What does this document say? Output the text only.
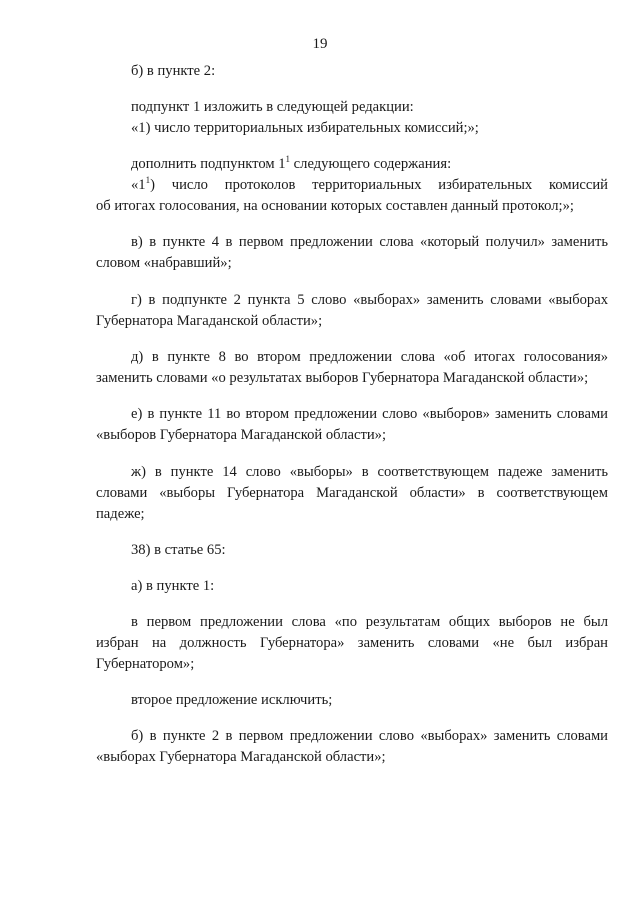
19
б) в пункте 2:
подпункт 1 изложить в следующей редакции:
«1) число территориальных избирательных комиссий;»;
дополнить подпунктом $1^1$ следующего содержания:
«$1^1$) число протоколов территориальных избирательных комиссий
об итогах голосования, на основании которых составлен данный протокол;»;
в) в пункте 4 в первом предложении слова «который получил» заменить
словом «набравший»;
г) в подпункте 2 пункта 5 слово «выборах» заменить словами «выборах
Губернатора Магаданской области»;
д) в пункте 8 во втором предложении слова «об итогах голосования»
заменить словами «о результатах выборов Губернатора Магаданской области»;
е) в пункте 11 во втором предложении слово «выборов» заменить словами
«выборов Губернатора Магаданской области»;
ж) в пункте 14 слово «выборы» в соответствующем падеже заменить
словами «выборы Губернатора Магаданской области» в соответствующем
падеже;
38) в статье 65:
а) в пункте 1:
в первом предложении слова «по результатам общих выборов не был
избран на должность Губернатора» заменить словами «не был избран
Губернатором»;
второе предложение исключить;
б) в пункте 2 в первом предложении слово «выборах» заменить словами
«выборах Губернатора Магаданской области»;
